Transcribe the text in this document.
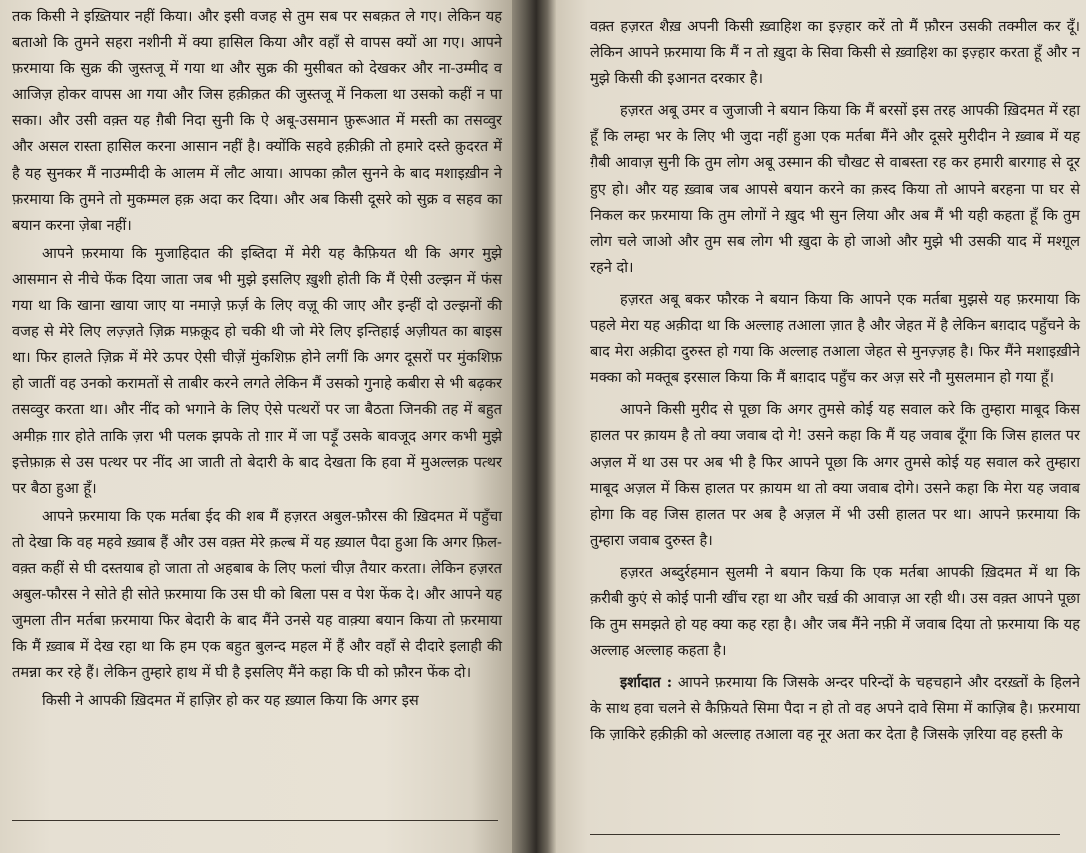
तक किसी ने इख़्तियार नहीं किया। और इसी वजह से तुम सब पर सबक़त ले गए। लेकिन यह बताओ कि तुमने सहरा नशीनी में क्या हासिल किया और वहाँ से वापस क्यों आ गए। आपने फ़रमाया कि सुक्र की जुस्तजू में गया था और सुक्र की मुसीबत को देखकर और ना-उम्मीद व आजिज़ होकर वापस आ गया और जिस हक़ीक़त की जुस्तजू में निकला था उसको कहीं न पा सका। और उसी वक़्त यह ग़ैबी निदा सुनी कि ऐ अबू-उसमान फ़ुरूआत में मस्ती का तसव्वुर और असल रास्ता हासिल करना आसान नहीं है। क्योंकि सहवे हक़ीक़ी तो हमारे दस्ते क़ुदरत में है यह सुनकर मैं नाउम्मीदी के आलम में लौट आया। आपका क़ौल सुनने के बाद मशाइख़ीन ने फ़रमाया कि तुमने तो मुकम्मल हक़ अदा कर दिया। और अब किसी दूसरे को सुक्र व सहव का बयान करना ज़ेबा नहीं।

आपने फ़रमाया कि मुजाहिदात की इब्तिदा में मेरी यह कैफ़ियत थी कि अगर मुझे आसमान से नीचे फेंक दिया जाता जब भी मुझे इसलिए ख़ुशी होती कि मैं ऐसी उल्झन में फंस गया था कि खाना खाया जाए या नमाज़े फ़र्ज़ के लिए वज़ू की जाए और इन्हीं दो उल्झनों की वजह से मेरे लिए लज़्ज़ते ज़िक्र मफ़क़ूद हो चकी थी जो मेरे लिए इन्तिहाई अज़ीयत का बाइस था। फिर हालते ज़िक्र में मेरे ऊपर ऐसी चीज़ें मुंकशिफ़ होने लगीं कि अगर दूसरों पर मुंकशिफ़ हो जातीं वह उनको करामतों से ताबीर करने लगते लेकिन मैं उसको गुनाहे कबीरा से भी बढ़कर तसव्वुर करता था। और नींद को भगाने के लिए ऐसे पत्थरों पर जा बैठता जिनकी तह में बहुत अमीक़ ग़ार होते ताकि ज़रा भी पलक झपके तो ग़ार में जा पड़ूँ उसके बावजूद अगर कभी मुझे इत्तेफ़ाक़ से उस पत्थर पर नींद आ जाती तो बेदारी के बाद देखता कि हवा में मुअल्लक़ पत्थर पर बैठा हुआ हूँ।

आपने फ़रमाया कि एक मर्तबा ईद की शब मैं हज़रत अबुल-फ़ौरस की ख़िदमत में पहुँचा तो देखा कि वह महवे ख़्वाब हैं और उस वक़्त मेरे क़ल्ब में यह ख़्याल पैदा हुआ कि अगर फ़िल-वक़्त कहीं से घी दस्तयाब हो जाता तो अहबाब के लिए फलां चीज़ तैयार करता। लेकिन हज़रत अबुल-फौरस ने सोते ही सोते फ़रमाया कि उस घी को बिला पस व पेश फेंक दे। और आपने यह जुमला तीन मर्तबा फ़रमाया फिर बेदारी के बाद मैंने उनसे यह वाक़्या बयान किया तो फ़रमाया कि मैं ख़्वाब में देख रहा था कि हम एक बहुत बुलन्द महल में हैं और वहाँ से दीदारे इलाही की तमन्ना कर रहे हैं। लेकिन तुम्हारे हाथ में घी है इसलिए मैंने कहा कि घी को फ़ौरन फेंक दो।

किसी ने आपकी ख़िदमत में हाज़िर हो कर यह ख़्याल किया कि अगर इस

वक़्त हज़रत शैख़ अपनी किसी ख़्वाहिश का इज़्हार करें तो मैं फ़ौरन उसकी तक्मील कर दूँ। लेकिन आपने फ़रमाया कि मैं न तो ख़ुदा के सिवा किसी से ख़्वाहिश का इज़्हार करता हूँ और न मुझे किसी की इआनत दरकार है।

हज़रत अबू उमर व जुजाजी ने बयान किया कि मैं बरसों इस तरह आपकी ख़िदमत में रहा हूँ कि लम्हा भर के लिए भी जुदा नहीं हुआ एक मर्तबा मैंने और दूसरे मुरीदीन ने ख़्वाब में यह ग़ैबी आवाज़ सुनी कि तुम लोग अबू उस्मान की चौखट से वाबस्ता रह कर हमारी बारगाह से दूर हुए हो। और यह ख़्वाब जब आपसे बयान करने का क़स्द किया तो आपने बरहना पा घर से निकल कर फ़रमाया कि तुम लोगों ने ख़ुद भी सुन लिया और अब मैं भी यही कहता हूँ कि तुम लोग चले जाओ और तुम सब लोग भी ख़ुदा के हो जाओ और मुझे भी उसकी याद में मश्ग़ूल रहने दो।

हज़रत अबू बकर फौरक ने बयान किया कि आपने एक मर्तबा मुझसे यह फ़रमाया कि पहले मेरा यह अक़ीदा था कि अल्लाह तआला ज़ात है और जेहत में है लेकिन बग़दाद पहुँचने के बाद मेरा अक़ीदा दुरुस्त हो गया कि अल्लाह तआला जेहत से मुनज़्ज़ह है। फिर मैंने मशाइख़ीने मक्का को मक्तूब इरसाल किया कि मैं बग़दाद पहुँच कर अज़ सरे नौ मुसलमान हो गया हूँ।

आपने किसी मुरीद से पूछा कि अगर तुमसे कोई यह सवाल करे कि तुम्हारा माबूद किस हालत पर क़ायम है तो क्या जवाब दो गे! उसने कहा कि मैं यह जवाब दूँगा कि जिस हालत पर अज़ल में था उस पर अब भी है फिर आपने पूछा कि अगर तुमसे कोई यह सवाल करे तुम्हारा माबूद अज़ल में किस हालत पर क़ायम था तो क्या जवाब दोगे। उसने कहा कि मेरा यह जवाब होगा कि वह जिस हालत पर अब है अज़ल में भी उसी हालत पर था। आपने फ़रमाया कि तुम्हारा जवाब दुरुस्त है।

हज़रत अब्दुर्रहमान सुलमी ने बयान किया कि एक मर्तबा आपकी ख़िदमत में था कि क़रीबी कुएं से कोई पानी खींच रहा था और चर्ख़ की आवाज़ आ रही थी। उस वक़्त आपने पूछा कि तुम समझते हो यह क्या कह रहा है। और जब मैंने नफ़ी में जवाब दिया तो फ़रमाया कि यह अल्लाह अल्लाह कहता है।

इर्शादात : आपने फ़रमाया कि जिसके अन्दर परिन्दों के चहचहाने और दरख़्तों के हिलने के साथ हवा चलने से कैफ़ियते सिमा पैदा न हो तो वह अपने दावे सिमा में काज़िब है। फ़रमाया कि ज़ाकिरे हक़ीक़ी को अल्लाह तआला वह नूर अता कर देता है जिसके ज़रिया वह हस्ती के
